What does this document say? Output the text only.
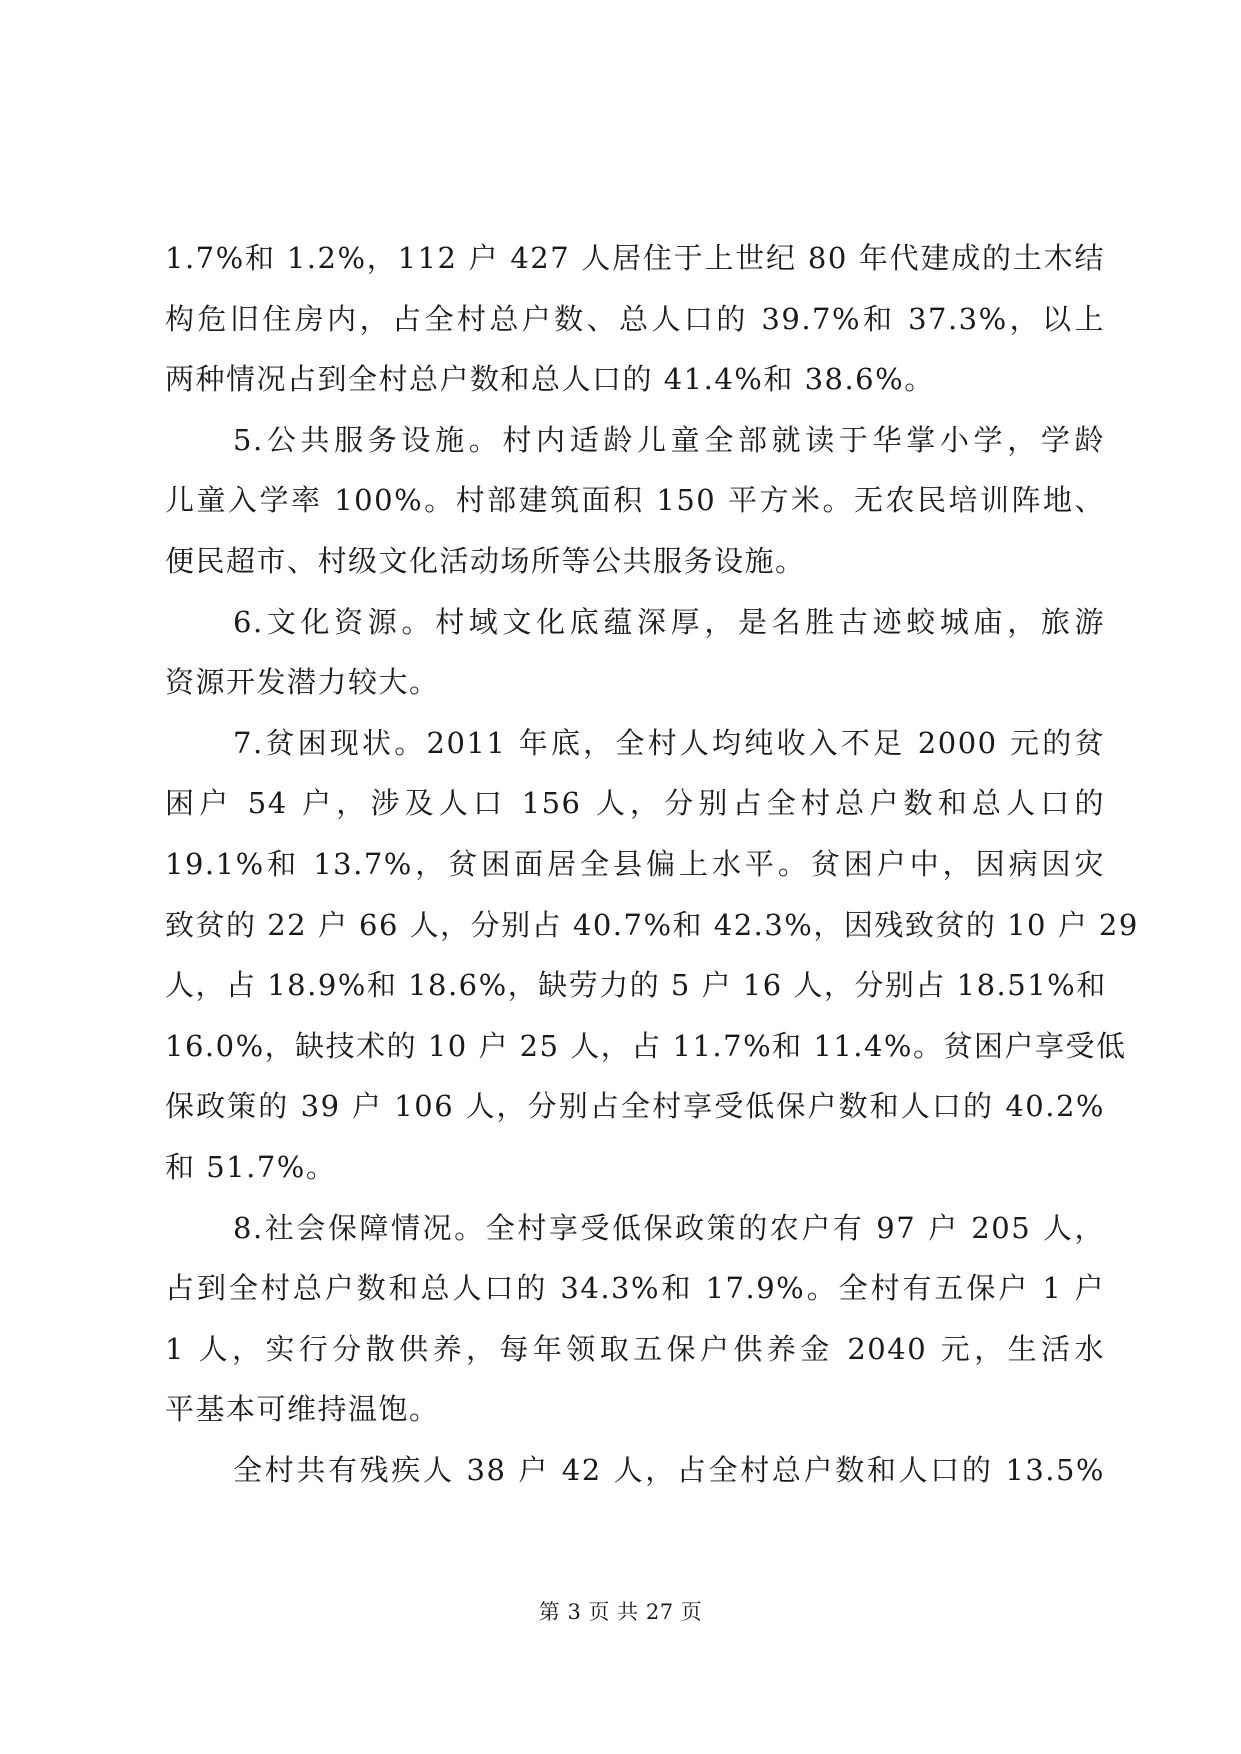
1.7%和 1.2%，112 户 427 人居住于上世纪 80 年代建成的土木结
构危旧住房内，占全村总户数、总人口的 39.7%和 37.3%，以上
两种情况占到全村总户数和总人口的 41.4%和 38.6%。
5.公共服务设施。村内适龄儿童全部就读于华掌小学，学龄
儿童入学率 100%。村部建筑面积 150 平方米。无农民培训阵地、
便民超市、村级文化活动场所等公共服务设施。
6.文化资源。村域文化底蕴深厚，是名胜古迹蛟城庙，旅游
资源开发潜力较大。
7.贫困现状。2011 年底，全村人均纯收入不足 2000 元的贫
困户 54 户，涉及人口 156 人，分别占全村总户数和总人口的
19.1%和 13.7%，贫困面居全县偏上水平。贫困户中，因病因灾
致贫的 22 户 66 人，分别占 40.7%和 42.3%，因残致贫的 10 户 29
人，占 18.9%和 18.6%，缺劳力的 5 户 16 人，分别占 18.51%和
16.0%，缺技术的 10 户 25 人，占 11.7%和 11.4%。贫困户享受低
保政策的 39 户 106 人，分别占全村享受低保户数和人口的 40.2%
和 51.7%。
8.社会保障情况。全村享受低保政策的农户有 97 户 205 人，
占到全村总户数和总人口的 34.3%和 17.9%。全村有五保户 1 户
1 人，实行分散供养，每年领取五保户供养金 2040 元，生活水
平基本可维持温饱。
全村共有残疾人 38 户 42 人，占全村总户数和人口的 13.5%
第 3 页 共 27 页
